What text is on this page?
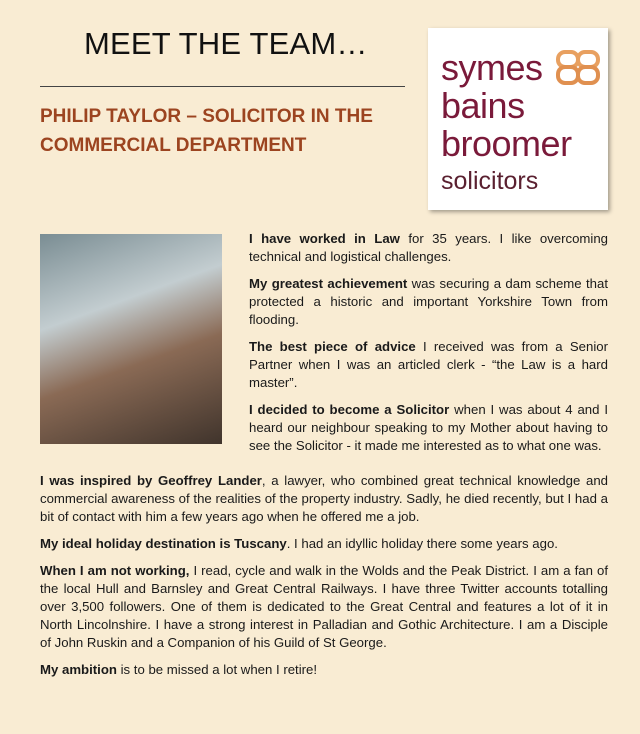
MEET THE TEAM…
PHILIP TAYLOR – SOLICITOR IN THE COMMERCIAL DEPARTMENT
symes
bains
broomer
solicitors

I have worked in Law for 35 years. I like overcoming technical and logistical challenges.

My greatest achievement was securing a dam scheme that protected a historic and important Yorkshire Town from flooding.

The best piece of advice I received was from a Senior Partner when I was an articled clerk - “the Law is a hard master”.

I decided to become a Solicitor when I was about 4 and I heard our neighbour speaking to my Mother about having to see the Solicitor - it made me interested as to what one was.

I was inspired by Geoffrey Lander, a lawyer, who combined great technical knowledge and commercial awareness of the realities of the property industry. Sadly, he died recently, but I had a bit of contact with him a few years ago when he offered me a job.

My ideal holiday destination is Tuscany. I had an idyllic holiday there some years ago.

When I am not working, I read, cycle and walk in the Wolds and the Peak District. I am a fan of the local Hull and Barnsley and Great Central Railways. I have three Twitter accounts totalling over 3,500 followers. One of them is dedicated to the Great Central and features a lot of it in North Lincolnshire. I have a strong interest in Palladian and Gothic Architecture. I am a Disciple of John Ruskin and a Companion of his Guild of St George.

My ambition is to be missed a lot when I retire!
